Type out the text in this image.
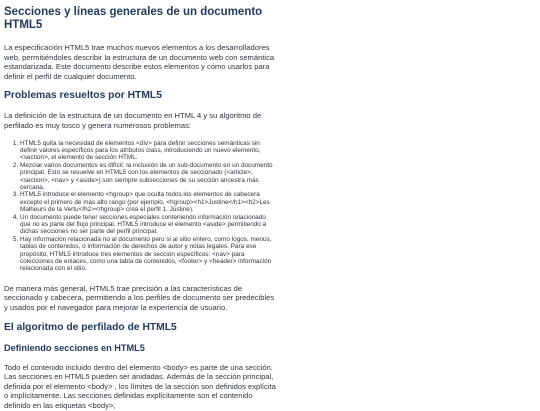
Secciones y líneas generales de un documento HTML5

La especificación HTML5 trae muchos nuevos elementos a los desarrolladores web, permitiéndoles describir la estructura de un documento web con semántica estandarizada. Este documento describe estos elementos y cómo usarlos para definir el perfil de cualquier documento.

Problemas resueltos por HTML5

La definición de la estructura de un documento en HTML 4 y su algoritmo de perfilado es muy tosco y genera numerosos problemas:

1. HTML5 quita la necesidad de elementos <div> para definir secciones semánticas sin definir valores específicos para los atributos class, introduciendo un nuevo elemento, <section>, el elemento de sección HTML.
2. Mezclar varios documentos es difícil: la inclusión de un sub-documento en un documento principal. Esto se resuelve en HTML5 con los elementos de seccionado (<article>, <section>, <nav> y <aside>) son siempre subsecciones de su sección ancestra más cercana.
3. HTML5 introduce el elemento <hgroup> que oculta todos los elementos de cabecera excepto el primero de más alto rango (por ejemplo, <hgroup><h1>Justine</h1><h2>Les Malheurs de la Vertu</h2></hgroup> crea el perfil 1. Justine).
4. Un documento puede tener secciones especiales conteniendo información relacionado que no es parte del flujo principal. HTML5 introduce el elemento <aside> permitiendo a dichas secciones no ser parte del perfil principal.
5. Hay información relacionada no al documento pero si al sitio entero, como logos, menús, tablas de contenidos, o información de derechos de autor y notas legales. Para ese propósito, HTML5 introduce tres elementos de sección específicos: <nav> para colecciones de enlaces, como una tabla de contenidos, <footer> y <header> información relacionada con el sitio.

De manera más general, HTML5 trae precisión a las características de seccionado y cabecera, permitiendo a los perfiles de documento ser predecibles y usados por el navegador para mejorar la experiencia de usuario.

El algoritmo de perfilado de HTML5
Definiendo secciones en HTML5

Todo el contenido incluido dentro del elemento <body> es parte de una sección. Las secciones en HTML5 pueden ser anidadas. Además de la sección principal, definida por el elemento <body> , los límites de la sección son definidos explícita o implícitamente. Las secciones definidas explícitamente son el contenido definido en las etiquetas <body>,
